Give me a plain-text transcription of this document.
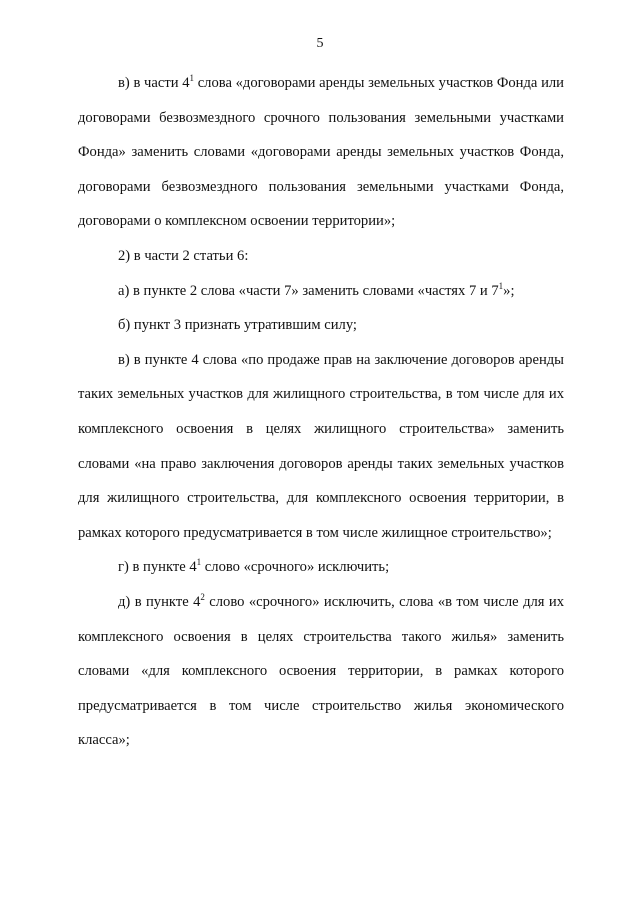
5

в) в части $4^1$ слова «договорами аренды земельных участков Фонда или договорами безвозмездного срочного пользования земельными участками Фонда» заменить словами «договорами аренды земельных участков Фонда, договорами безвозмездного пользования земельными участками Фонда, договорами о комплексном освоении территории»;

2) в части 2 статьи 6:

а) в пункте 2 слова «части 7» заменить словами «частях 7 и $7^1$»;

б) пункт 3 признать утратившим силу;

в) в пункте 4 слова «по продаже прав на заключение договоров аренды таких земельных участков для жилищного строительства, в том числе для их комплексного освоения в целях жилищного строительства» заменить словами «на право заключения договоров аренды таких земельных участков для жилищного строительства, для комплексного освоения территории, в рамках которого предусматривается в том числе жилищное строительство»;

г) в пункте $4^1$ слово «срочного» исключить;

д) в пункте $4^2$ слово «срочного» исключить, слова «в том числе для их комплексного освоения в целях строительства такого жилья» заменить словами «для комплексного освоения территории, в рамках которого предусматривается в том числе строительство жилья экономического класса»;
